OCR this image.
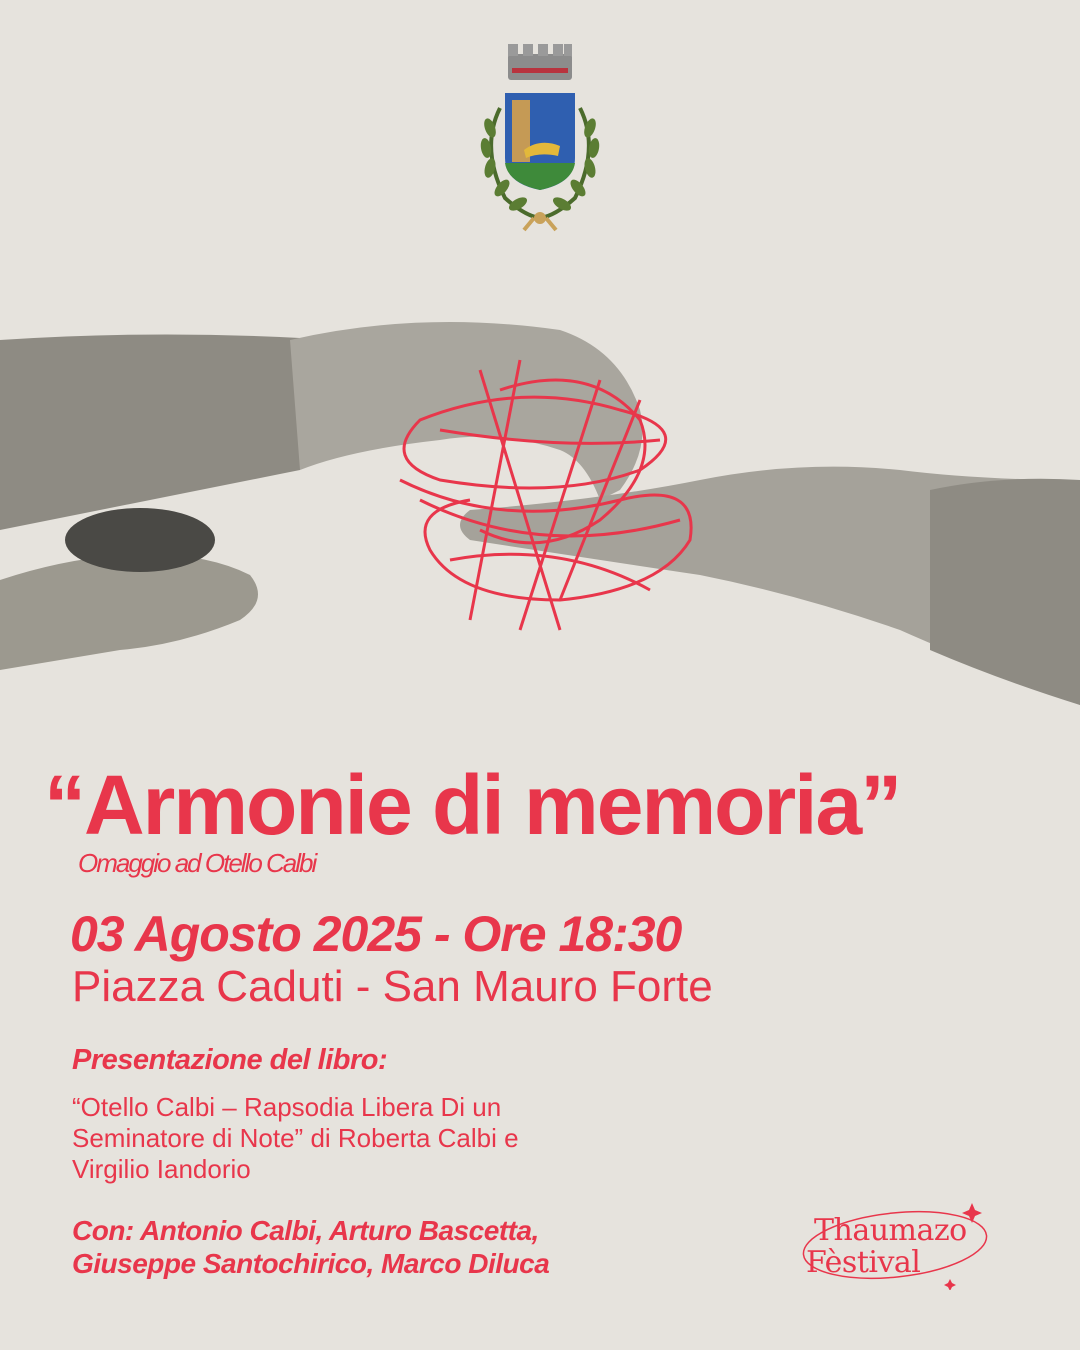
“Armonie di memoria”

Omaggio ad Otello Calbi

03 Agosto 2025 - Ore 18:30

Piazza Caduti - San Mauro Forte

Presentazione del libro:

“Otello Calbi – Rapsodia Libera Di un
Seminatore di Note” di Roberta Calbi e
Virgilio Iandorio

Con: Antonio Calbi, Arturo Bascetta,
Giuseppe Santochirico, Marco Diluca

Thaumazo
Fèstival
